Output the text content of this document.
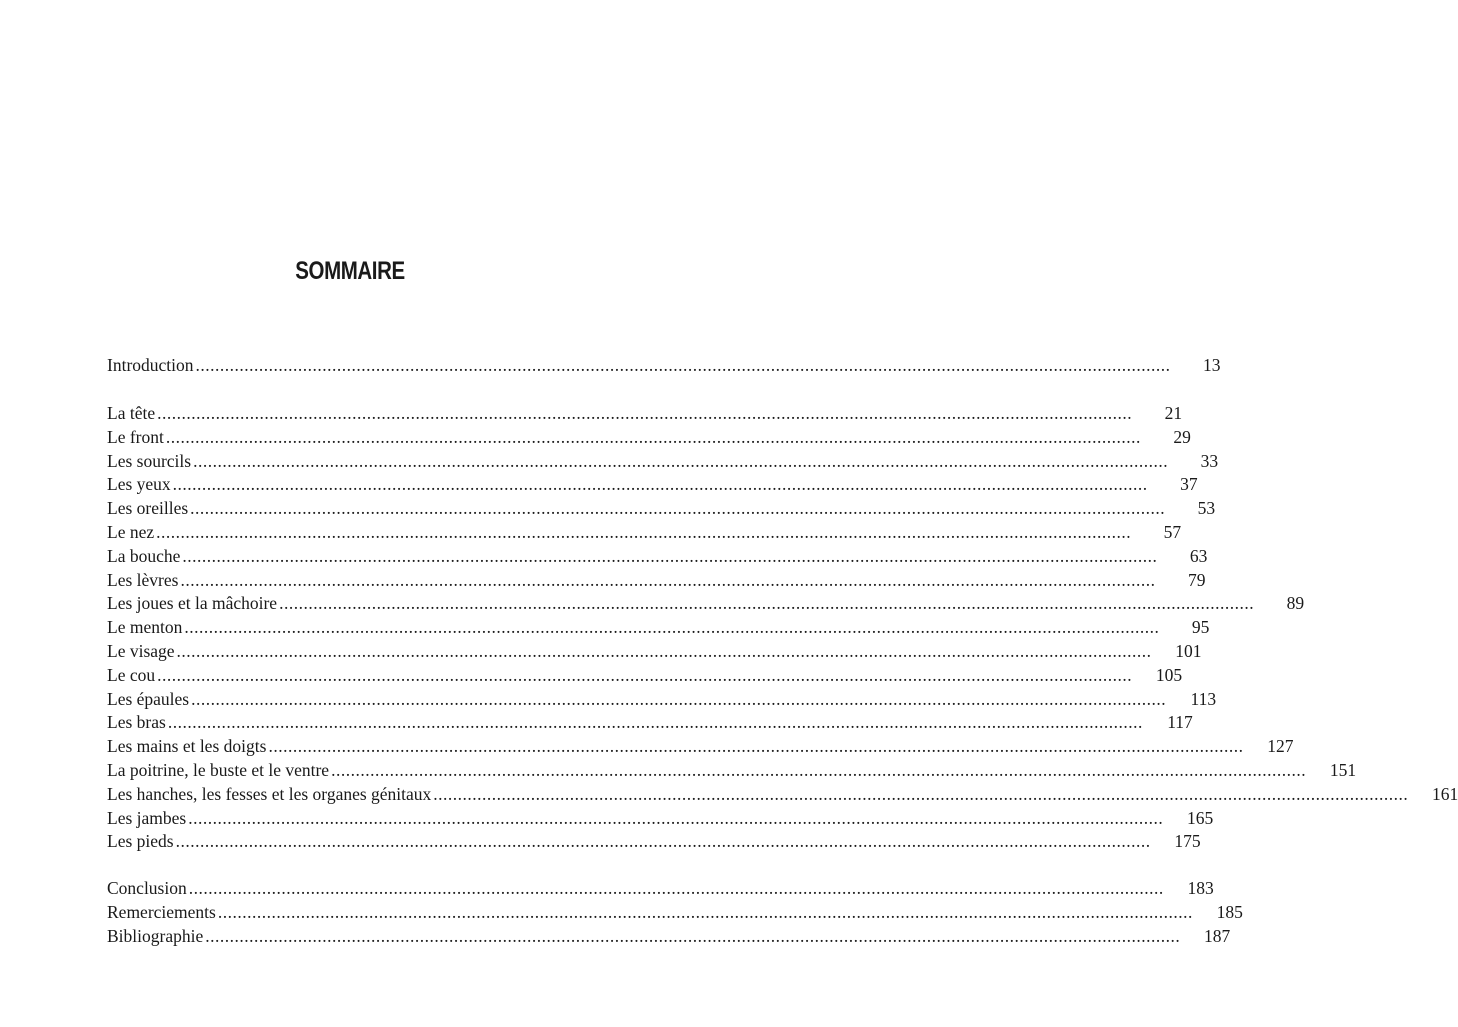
SOMMAIRE
Introduction ........................................................................................................................................................................................................	13
La tête ........................................................................................................................................................................................................	21
Le front ........................................................................................................................................................................................................	29
Les sourcils ........................................................................................................................................................................................................	33
Les yeux ........................................................................................................................................................................................................	37
Les oreilles ........................................................................................................................................................................................................	53
Le nez ........................................................................................................................................................................................................	57
La bouche ........................................................................................................................................................................................................	63
Les lèvres ........................................................................................................................................................................................................	79
Les joues et la mâchoire ........................................................................................................................................................................................................	89
Le menton ........................................................................................................................................................................................................	95
Le visage ........................................................................................................................................................................................................	101
Le cou ........................................................................................................................................................................................................	105
Les épaules ........................................................................................................................................................................................................	113
Les bras ........................................................................................................................................................................................................	117
Les mains et les doigts ........................................................................................................................................................................................................	127
La poitrine, le buste et le ventre ........................................................................................................................................................................................................	151
Les hanches, les fesses et les organes génitaux ........................................................................................................................................................................................................	161
Les jambes ........................................................................................................................................................................................................	165
Les pieds ........................................................................................................................................................................................................	175
Conclusion ........................................................................................................................................................................................................	183
Remerciements ........................................................................................................................................................................................................	185
Bibliographie ........................................................................................................................................................................................................	187
